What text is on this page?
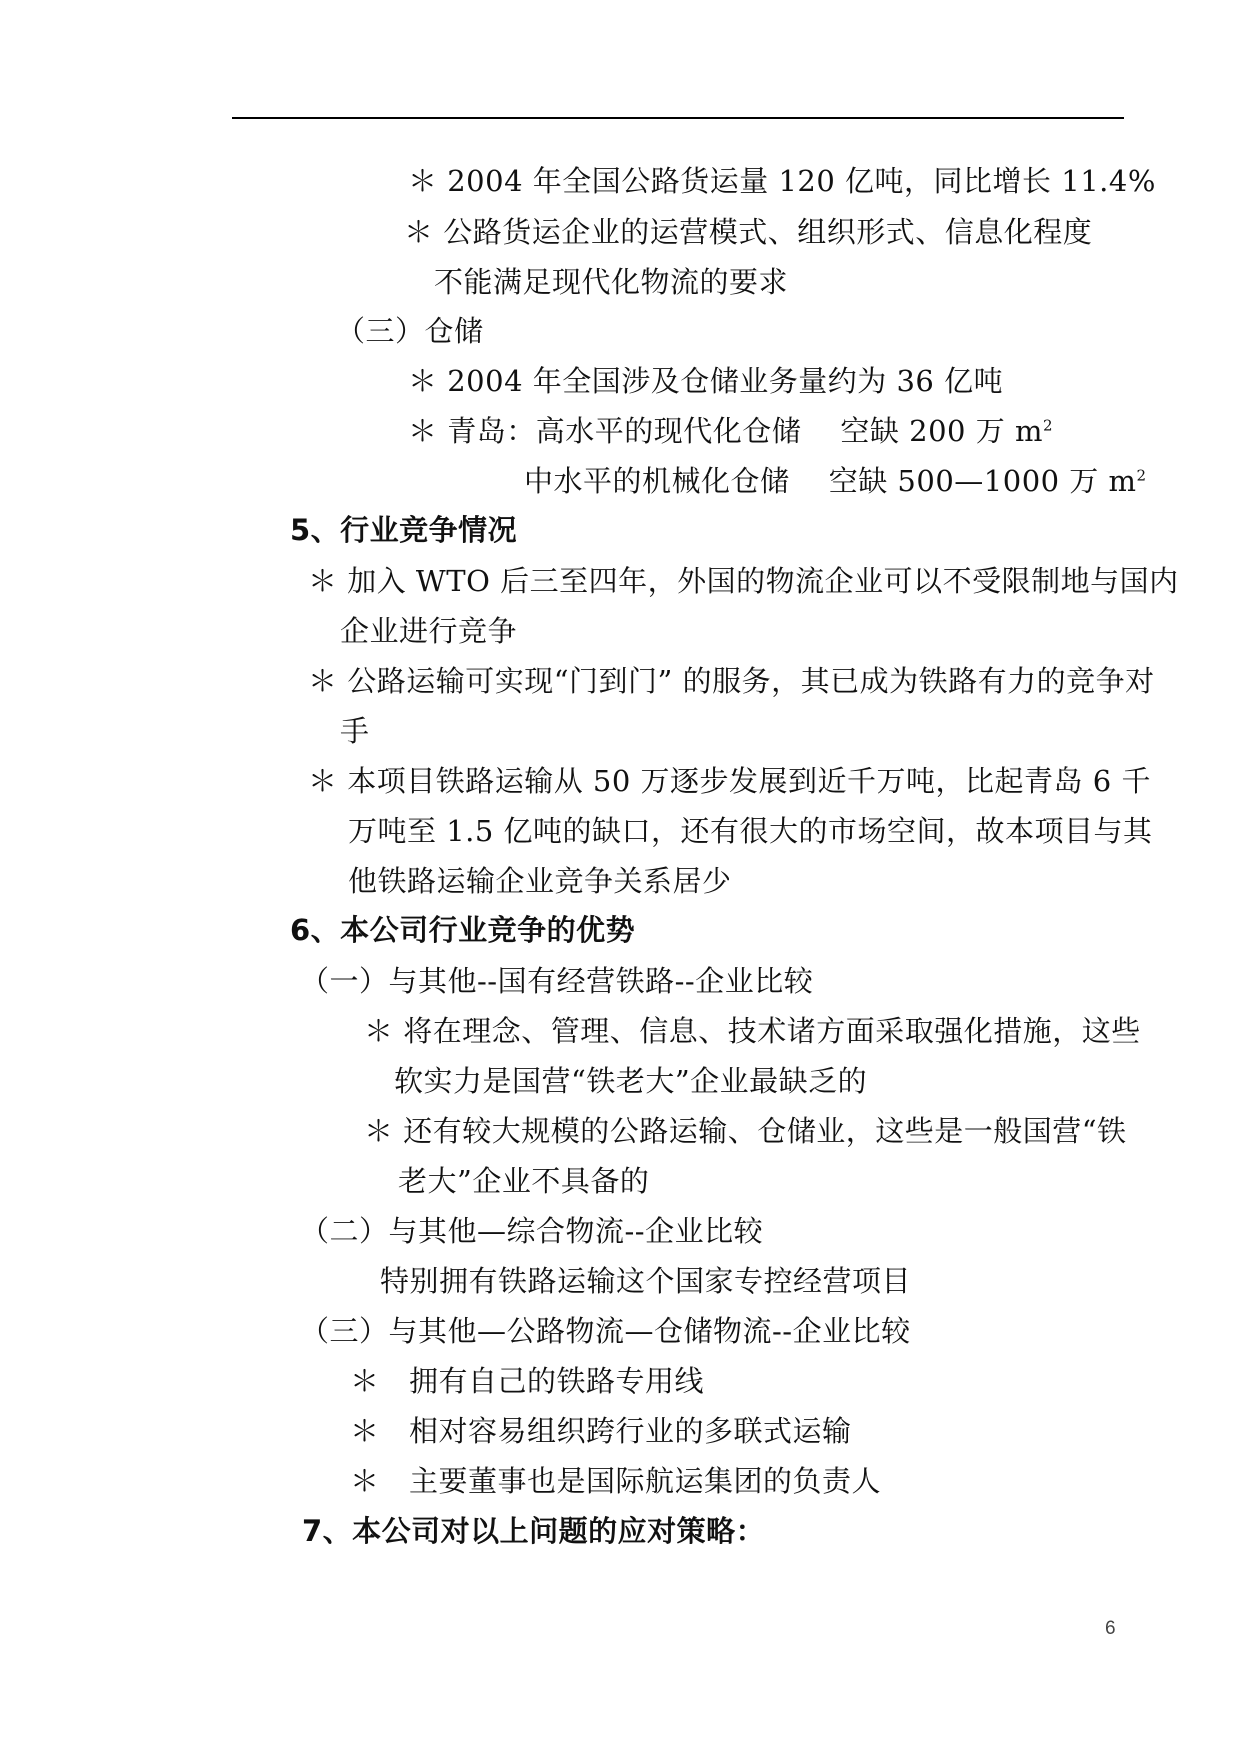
＊ 2004 年全国公路货运量 120 亿吨，同比增长 11.4%
＊ 公路货运企业的运营模式、组织形式、信息化程度
不能满足现代化物流的要求
（三）仓储
＊ 2004 年全国涉及仓储业务量约为 36 亿吨
＊ 青岛：高水平的现代化仓储　 空缺 200 万 $m^2$
中水平的机械化仓储　 空缺 500—1000 万 $m^2$
5、行业竞争情况
＊ 加入 WTO 后三至四年，外国的物流企业可以不受限制地与国内
企业进行竞争
＊ 公路运输可实现“门到门” 的服务，其已成为铁路有力的竞争对
手
＊ 本项目铁路运输从 50 万逐步发展到近千万吨，比起青岛 6 千
万吨至 1.5 亿吨的缺口，还有很大的市场空间，故本项目与其
他铁路运输企业竞争关系居少
6、本公司行业竞争的优势
（一）与其他--国有经营铁路--企业比较
＊ 将在理念、管理、信息、技术诸方面采取强化措施，这些
软实力是国营“铁老大”企业最缺乏的
＊ 还有较大规模的公路运输、仓储业，这些是一般国营“铁
老大”企业不具备的
（二）与其他—综合物流--企业比较
特别拥有铁路运输这个国家专控经营项目
（三）与其他—公路物流—仓储物流--企业比较
＊　拥有自己的铁路专用线
＊　相对容易组织跨行业的多联式运输
＊　主要董事也是国际航运集团的负责人
7、本公司对以上问题的应对策略：
6
